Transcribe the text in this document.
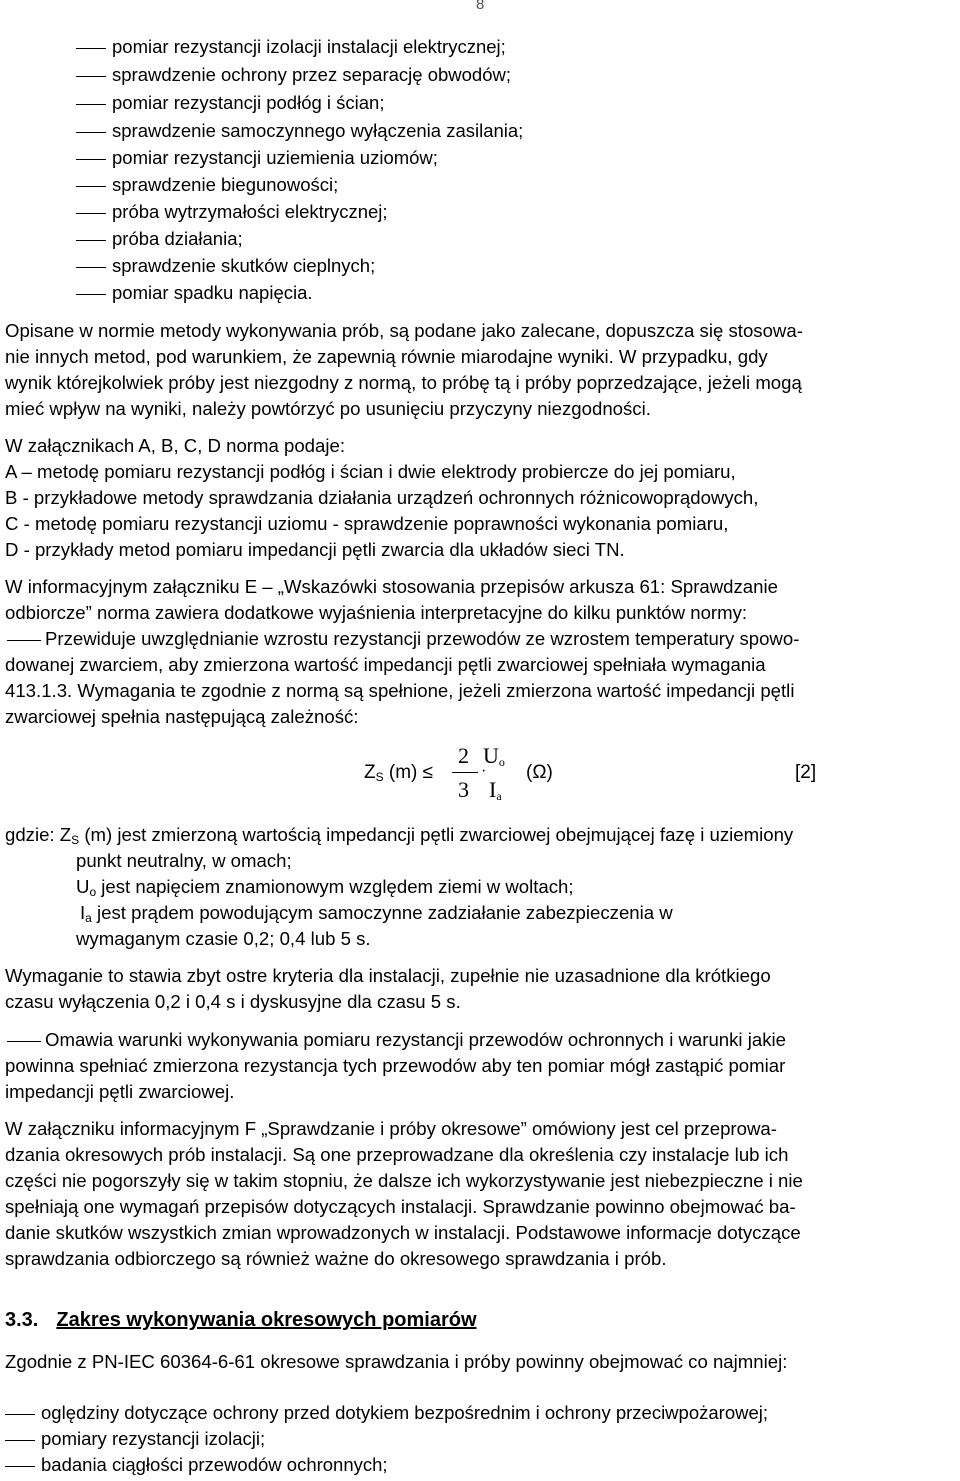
8
pomiar rezystancji izolacji instalacji elektrycznej;
sprawdzenie ochrony przez separację obwodów;
pomiar rezystancji podłóg i ścian;
sprawdzenie samoczynnego wyłączenia zasilania;
pomiar rezystancji uziemienia uziomów;
sprawdzenie biegunowości;
próba wytrzymałości elektrycznej;
próba działania;
sprawdzenie skutków cieplnych;
pomiar spadku napięcia.
Opisane w normie metody wykonywania prób, są podane jako zalecane, dopuszcza się stosowa-
nie innych metod, pod warunkiem, że zapewnią równie miarodajne wyniki. W przypadku, gdy
wynik którejkolwiek próby jest niezgodny z normą, to próbę tą i próby poprzedzające, jeżeli mogą
mieć wpływ na wyniki, należy powtórzyć po usunięciu przyczyny niezgodności.
W załącznikach A, B, C, D norma podaje:
A – metodę pomiaru rezystancji podłóg i ścian i dwie elektrody probiercze do jej pomiaru,
B - przykładowe metody sprawdzania działania urządzeń ochronnych różnicowoprądowych,
C - metodę pomiaru rezystancji uziomu - sprawdzenie poprawności wykonania pomiaru,
D - przykłady metod pomiaru impedancji pętli zwarcia dla układów sieci TN.
W informacyjnym załączniku E – „Wskazówki stosowania przepisów arkusza 61: Sprawdzanie
odbiorcze” norma zawiera dodatkowe wyjaśnienia interpretacyjne do kilku punktów normy:
Przewiduje uwzględnianie wzrostu rezystancji przewodów ze wzrostem temperatury spowo-
dowanej zwarciem, aby zmierzona wartość impedancji pętli zwarciowej spełniała wymagania
413.1.3. Wymagania te zgodnie z normą są spełnione, jeżeli zmierzona wartość impedancji pętli
zwarciowej spełnia następującą zależność:
$Z_S$ (m) ≤
2
3
·
$U_o$
$I_a$
(Ω)	[2]
gdzie: $Z_S$ (m) jest zmierzoną wartością impedancji pętli zwarciowej obejmującej fazę i uziemiony
punkt neutralny, w omach;
$U_o$ jest napięciem znamionowym względem ziemi w woltach;
$I_a$ jest prądem powodującym samoczynne zadziałanie zabezpieczenia w
wymaganym czasie 0,2; 0,4 lub 5 s.
Wymaganie to stawia zbyt ostre kryteria dla instalacji, zupełnie nie uzasadnione dla krótkiego
czasu wyłączenia 0,2 i 0,4 s i dyskusyjne dla czasu 5 s.
Omawia warunki wykonywania pomiaru rezystancji przewodów ochronnych i warunki jakie
powinna spełniać zmierzona rezystancja tych przewodów aby ten pomiar mógł zastąpić pomiar
impedancji pętli zwarciowej.
W załączniku informacyjnym F „Sprawdzanie i próby okresowe” omówiony jest cel przeprowa-
dzania okresowych prób instalacji. Są one przeprowadzane dla określenia czy instalacje lub ich
części nie pogorszyły się w takim stopniu, że dalsze ich wykorzystywanie jest niebezpieczne i nie
spełniają one wymagań przepisów dotyczących instalacji. Sprawdzanie powinno obejmować ba-
danie skutków wszystkich zmian wprowadzonych w instalacji. Podstawowe informacje dotyczące
sprawdzania odbiorczego są również ważne do okresowego sprawdzania i prób.
3.3. Zakres wykonywania okresowych pomiarów
Zgodnie z PN-IEC 60364-6-61 okresowe sprawdzania i próby powinny obejmować co najmniej:
oględziny dotyczące ochrony przed dotykiem bezpośrednim i ochrony przeciwpożarowej;
pomiary rezystancji izolacji;
badania ciągłości przewodów ochronnych;
